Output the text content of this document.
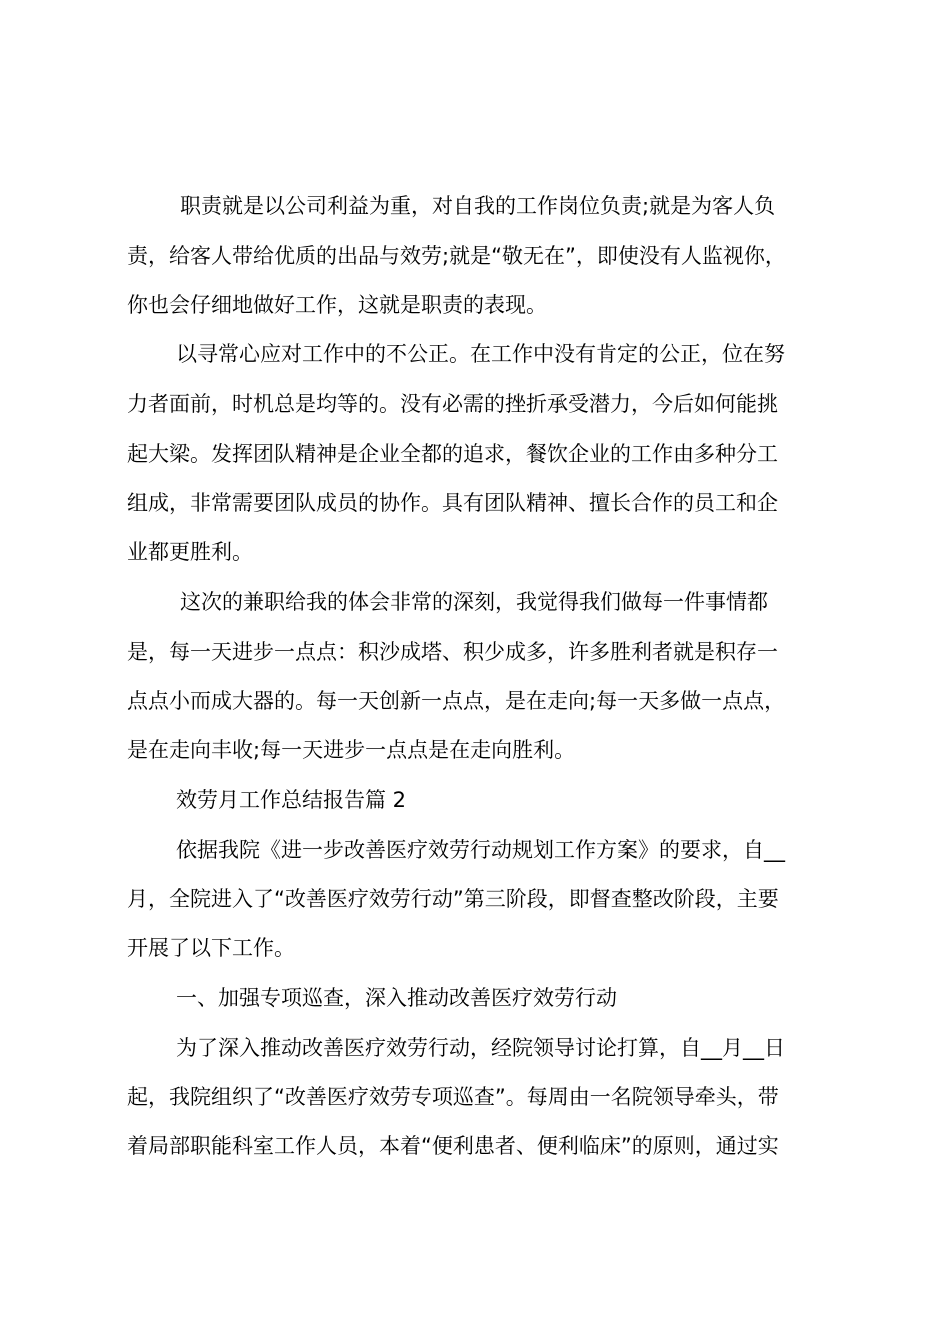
职责就是以公司利益为重，对自我的工作岗位负责;就是为客人负
责，给客人带给优质的出品与效劳;就是“敬无在”，即使没有人监视你，
你也会仔细地做好工作，这就是职责的表现。
以寻常心应对工作中的不公正。在工作中没有肯定的公正，位在努
力者面前，时机总是均等的。没有必需的挫折承受潜力，今后如何能挑
起大梁。发挥团队精神是企业全都的追求，餐饮企业的工作由多种分工
组成，非常需要团队成员的协作。具有团队精神、擅长合作的员工和企
业都更胜利。
这次的兼职给我的体会非常的深刻，我觉得我们做每一件事情都
是，每一天进步一点点：积沙成塔、积少成多，许多胜利者就是积存一
点点小而成大器的。每一天创新一点点，是在走向;每一天多做一点点，
是在走向丰收;每一天进步一点点是在走向胜利。
效劳月工作总结报告篇 2
依据我院《进一步改善医疗效劳行动规划工作方案》的要求，自__
月，全院进入了“改善医疗效劳行动”第三阶段，即督查整改阶段，主要
开展了以下工作。
一、加强专项巡查，深入推动改善医疗效劳行动
为了深入推动改善医疗效劳行动，经院领导讨论打算，自__月__日
起，我院组织了“改善医疗效劳专项巡查”。每周由一名院领导牵头，带
着局部职能科室工作人员，本着“便利患者、便利临床”的原则，通过实
